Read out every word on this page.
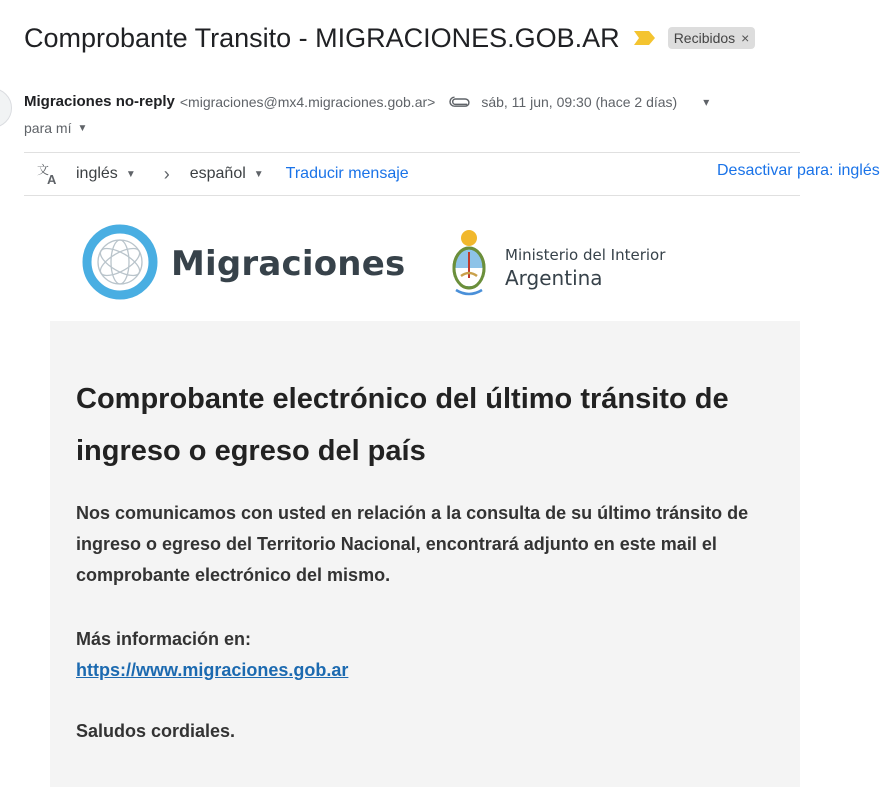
Comprobante Transito - MIGRACIONES.GOB.AR	Recibidos ×
Migraciones no-reply <migraciones@mx4.migraciones.gob.ar>	sáb, 11 jun, 09:30 (hace 2 días) ▾
para mí ▼
文
A inglés ▼ › español ▼ Traducir mensaje	Desactivar para: inglés
Migraciones	Ministerio del Interior
Argentina
Comprobante electrónico del último tránsito de ingreso o egreso del país

Nos comunicamos con usted en relación a la consulta de su último tránsito de ingreso o egreso del Territorio Nacional, encontrará adjunto en este mail el comprobante electrónico del mismo.

Más información en:

https://www.migraciones.gob.ar

Saludos cordiales.
